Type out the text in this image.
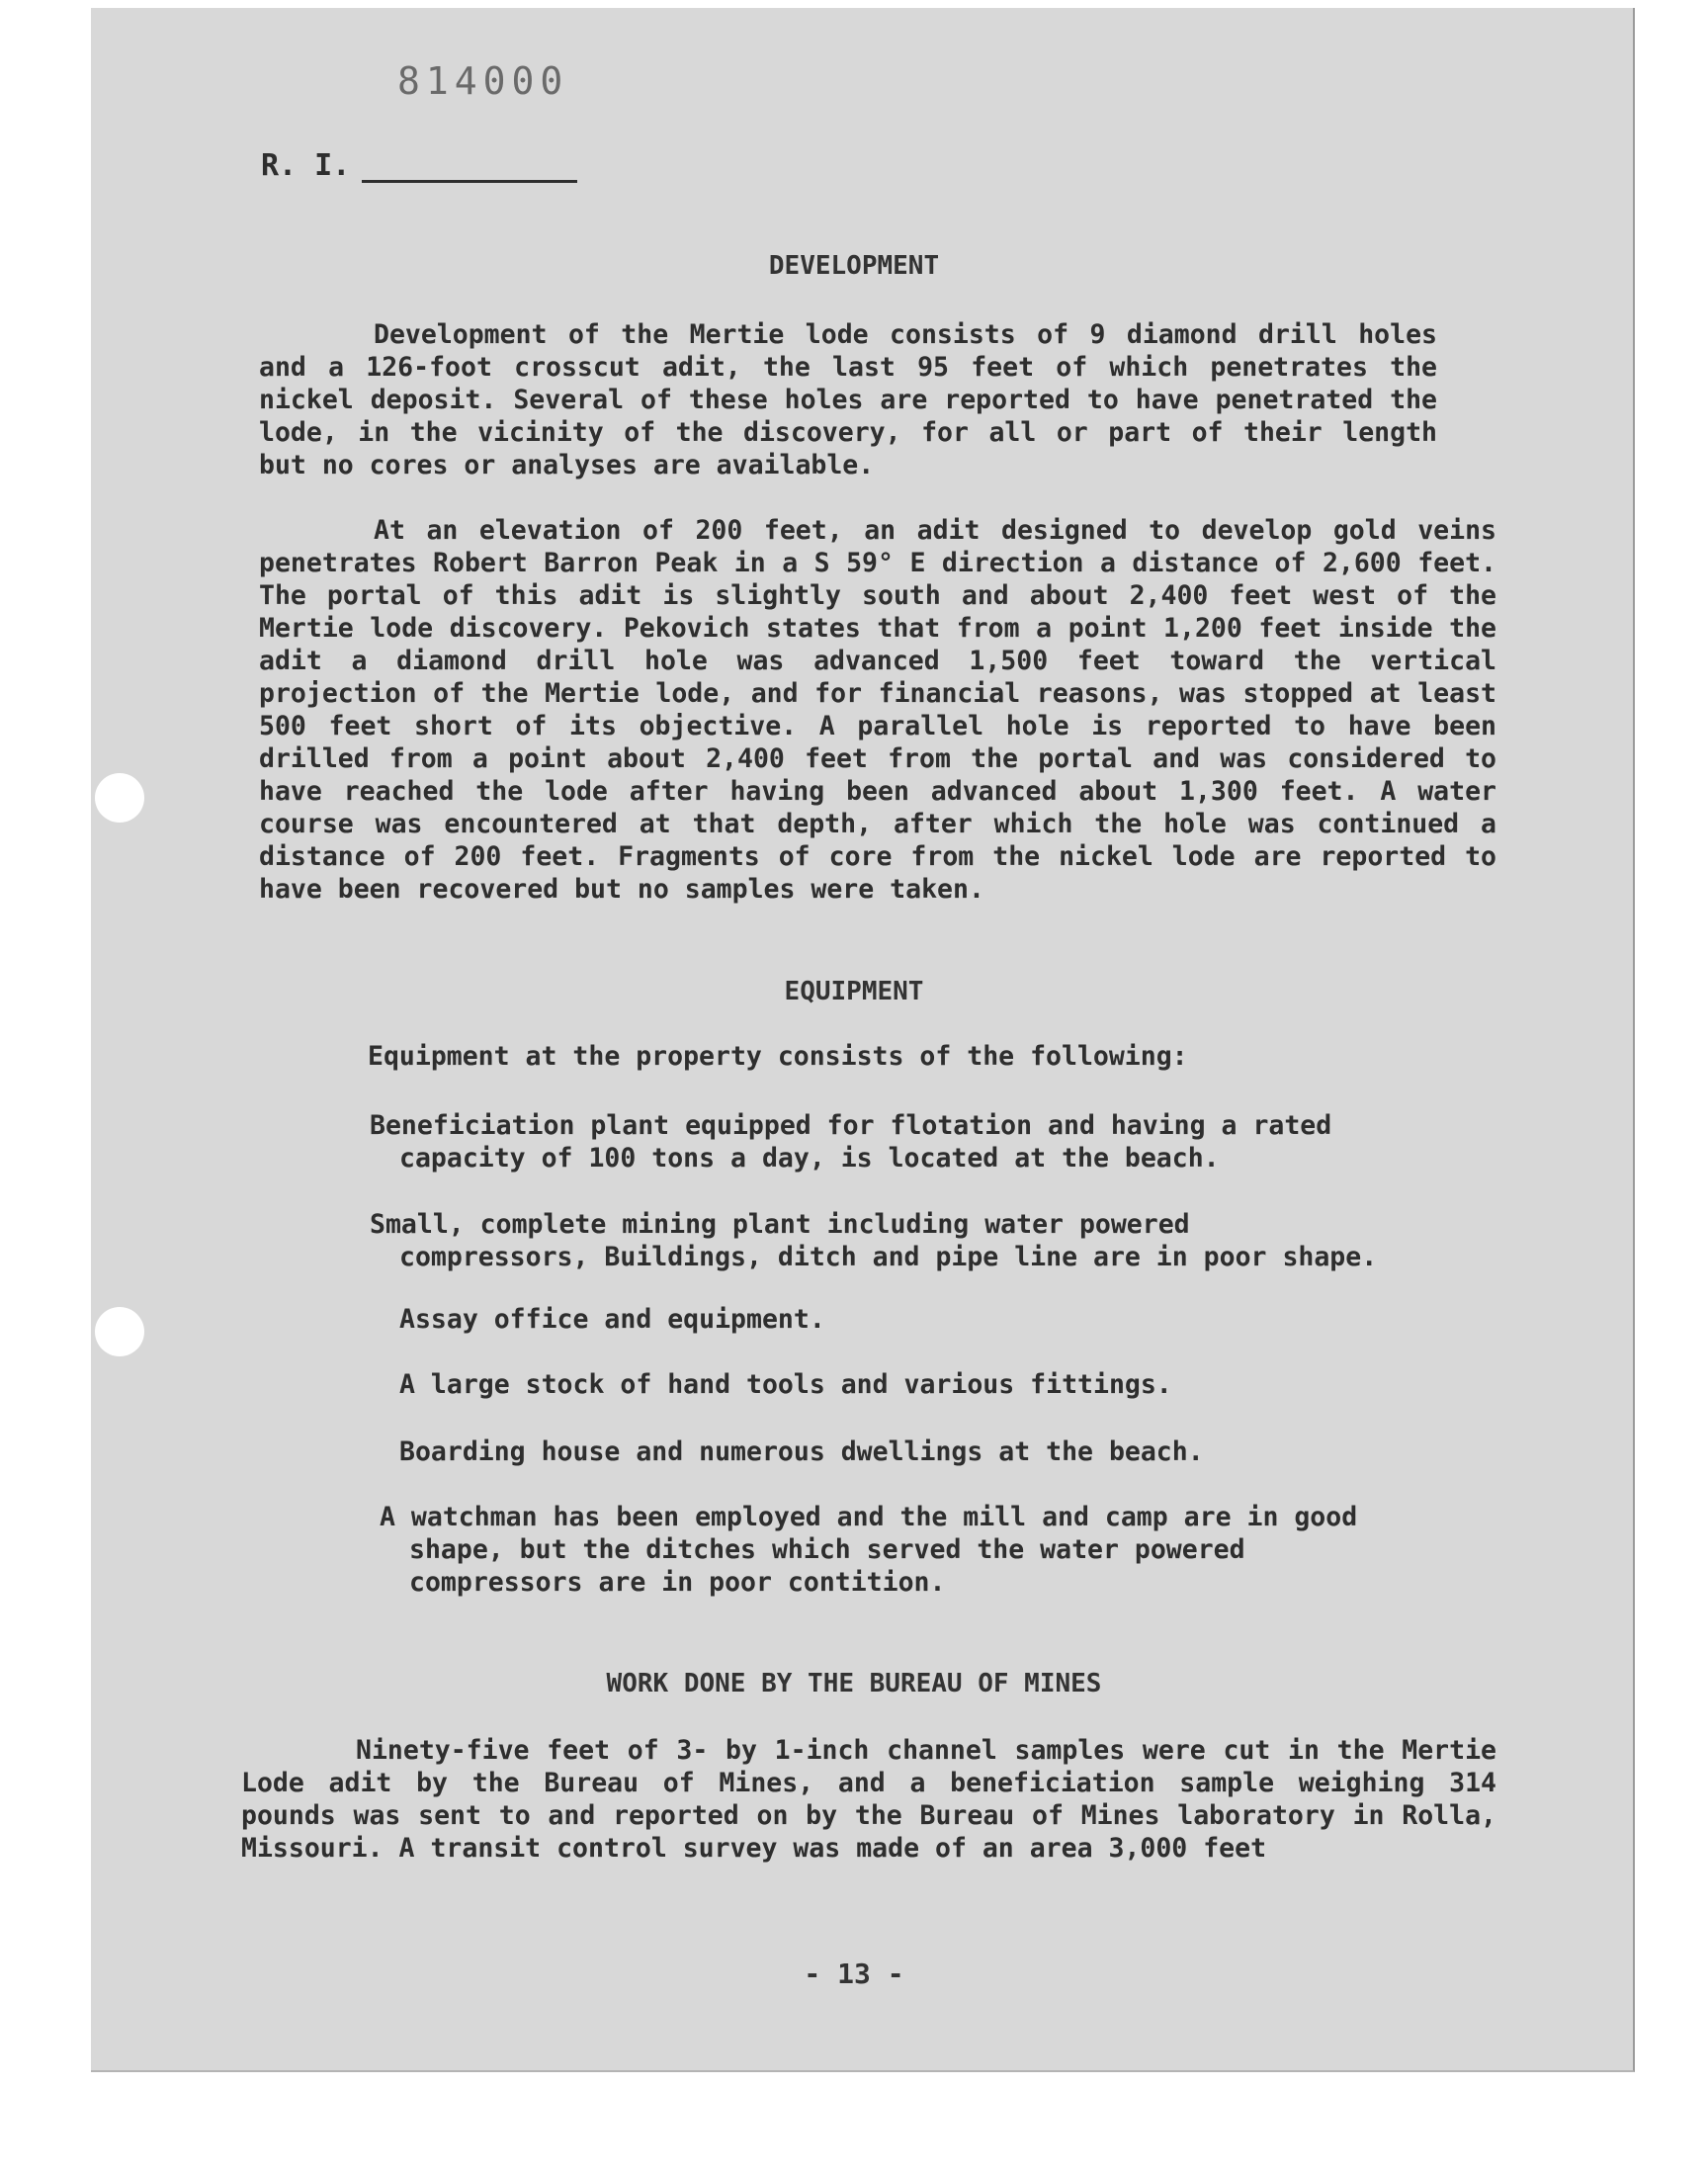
814000
R. I.
DEVELOPMENT
Development of the Mertie lode consists of 9 diamond drill holes and a 126-foot crosscut adit, the last 95 feet of which penetrates the nickel deposit. Several of these holes are reported to have penetrated the lode, in the vicinity of the discovery, for all or part of their length but no cores or analyses are available.
At an elevation of 200 feet, an adit designed to develop gold veins penetrates Robert Barron Peak in a S 59° E direction a distance of 2,600 feet. The portal of this adit is slightly south and about 2,400 feet west of the Mertie lode discovery. Pekovich states that from a point 1,200 feet inside the adit a diamond drill hole was advanced 1,500 feet toward the vertical projection of the Mertie lode, and for financial reasons, was stopped at least 500 feet short of its objective. A parallel hole is reported to have been drilled from a point about 2,400 feet from the portal and was considered to have reached the lode after having been advanced about 1,300 feet. A water course was encountered at that depth, after which the hole was continued a distance of 200 feet. Fragments of core from the nickel lode are reported to have been recovered but no samples were taken.
EQUIPMENT
Equipment at the property consists of the following:
Beneficiation plant equipped for flotation and having a rated capacity of 100 tons a day, is located at the beach.
Small, complete mining plant including water powered compressors, Buildings, ditch and pipe line are in poor shape.
Assay office and equipment.
A large stock of hand tools and various fittings.
Boarding house and numerous dwellings at the beach.
A watchman has been employed and the mill and camp are in good shape, but the ditches which served the water powered compressors are in poor contition.
WORK DONE BY THE BUREAU OF MINES
Ninety-five feet of 3- by 1-inch channel samples were cut in the Mertie Lode adit by the Bureau of Mines, and a beneficiation sample weighing 314 pounds was sent to and reported on by the Bureau of Mines laboratory in Rolla, Missouri. A transit control survey was made of an area 3,000 feet
- 13 -
